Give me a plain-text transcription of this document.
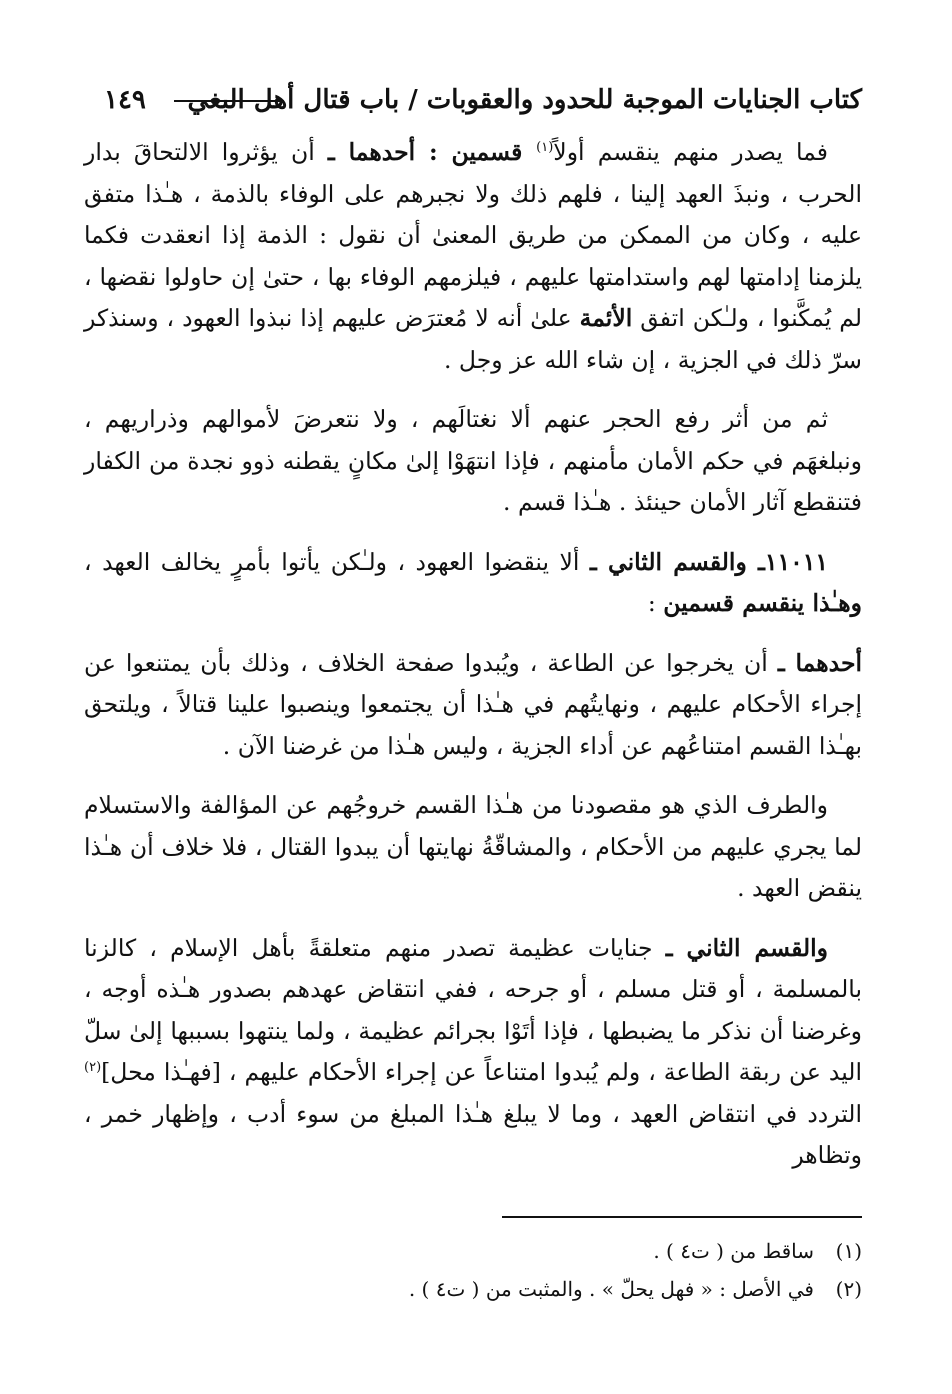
كتاب الجنايات الموجبة للحدود والعقوبات / باب قتال أهل البغي
١٤٩

فما يصدر منهم ينقسم أولاً$^{(١)}$ قسمين : أحدهما ـ أن يؤثروا الالتحاقَ بدار الحرب ، ونبذَ العهد إلينا ، فلهم ذلك ولا نجبرهم على الوفاء بالذمة ، هـٰذا متفق عليه ، وكان من الممكن من طريق المعنىٰ أن نقول : الذمة إذا انعقدت فكما يلزمنا إدامتها لهم واستدامتها عليهم ، فيلزمهم الوفاء بها ، حتىٰ إن حاولوا نقضها ، لم يُمكَّنوا ، ولـٰكن اتفق الأئمة علىٰ أنه لا مُعترَض عليهم إذا نبذوا العهود ، وسنذكر سرّ ذلك في الجزية ، إن شاء الله عز وجل .

ثم من أثر رفع الحجر عنهم ألا نغتالَهم ، ولا نتعرضَ لأموالهم وذراريهم ، ونبلغهَم في حكم الأمان مأمنهم ، فإذا انتهَوْا إلىٰ مكانٍ يقطنه ذوو نجدة من الكفار فتنقطع آثار الأمان حينئذ . هـٰذا قسم .

١١٠١١ـ والقسم الثاني ـ ألا ينقضوا العهود ، ولـٰكن يأتوا بأمرٍ يخالف العهد ، وهـٰذا ينقسم قسمين :

أحدهما ـ أن يخرجوا عن الطاعة ، ويُبدوا صفحة الخلاف ، وذلك بأن يمتنعوا عن إجراء الأحكام عليهم ، ونهايتُهم في هـٰذا أن يجتمعوا وينصبوا علينا قتالاً ، ويلتحق بهـٰذا القسم امتناعُهم عن أداء الجزية ، وليس هـٰذا من غرضنا الآن .

والطرف الذي هو مقصودنا من هـٰذا القسم خروجُهم عن المؤالفة والاستسلام لما يجري عليهم من الأحكام ، والمشاقّةُ نهايتها أن يبدوا القتال ، فلا خلاف أن هـٰذا ينقض العهد .

والقسم الثاني ـ جنايات عظيمة تصدر منهم متعلقةً بأهل الإسلام ، كالزنا بالمسلمة ، أو قتل مسلم ، أو جرحه ، ففي انتقاض عهدهم بصدور هـٰذه أوجه ، وغرضنا أن نذكر ما يضبطها ، فإذا أتَوْا بجرائم عظيمة ، ولما ينتهوا بسببها إلىٰ سلّ اليد عن ربقة الطاعة ، ولم يُبدوا امتناعاً عن إجراء الأحكام عليهم ، [فهـٰذا محل]$^{(٢)}$ التردد في انتقاض العهد ، وما لا يبلغ هـٰذا المبلغ من سوء أدب ، وإظهار خمر ، وتظاهر

(١)ساقط من ( ت٤ ) .
(٢)في الأصل : « فهل يحلّ » . والمثبت من ( ت٤ ) .
